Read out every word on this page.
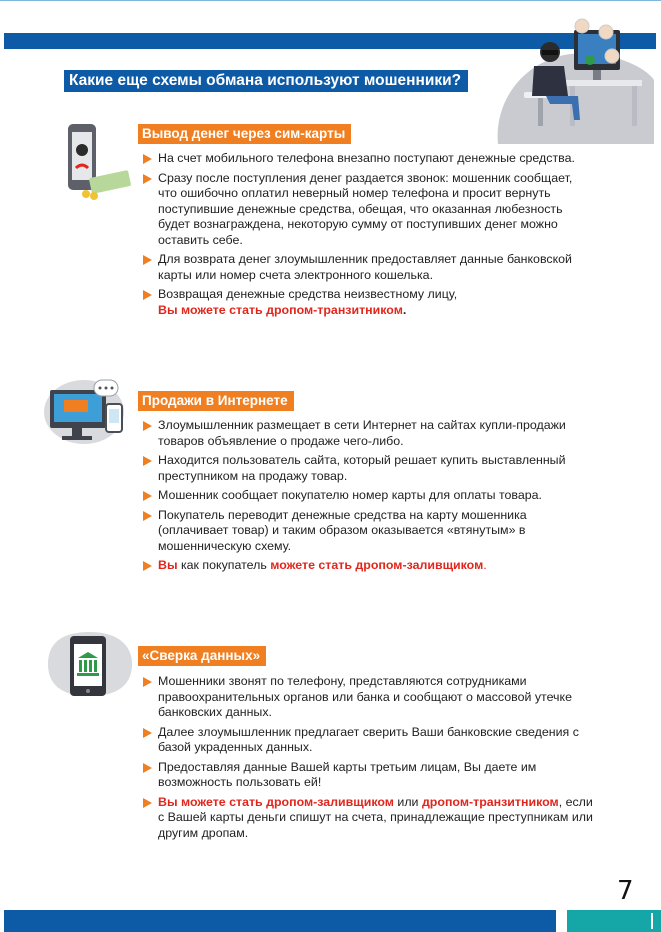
Какие еще схемы обмана используют мошенники?
Вывод денег через сим-карты
На счет мобильного телефона внезапно поступают денежные средства.
Сразу после поступления денег раздается звонок: мошенник сообщает, что ошибочно оплатил неверный номер телефона и просит вернуть поступившие денежные средства, обещая, что оказанная любезность будет вознаграждена, некоторую сумму от поступивших денег можно оставить себе.
Для возврата денег злоумышленник предоставляет данные банковской карты или номер счета электронного кошелька.
Возвращая денежные средства неизвестному лицу,
Вы можете стать дропом-транзитником.
Продажи в Интернете
Злоумышленник размещает в сети Интернет на сайтах купли-продажи товаров объявление о продаже чего-либо.
Находится пользователь сайта, который решает купить выставленный преступником на продажу товар.
Мошенник сообщает покупателю номер карты для оплаты товара.
Покупатель переводит денежные средства на карту мошенника (оплачивает товар) и таким образом оказывается «втянутым» в мошенническую схему.
Вы как покупатель можете стать дропом-заливщиком.
«Сверка данных»
Мошенники звонят по телефону, представляются сотрудниками правоохранительных органов или банка и сообщают о массовой утечке банковских данных.
Далее злоумышленник предлагает сверить Ваши банковские сведения с базой украденных данных.
Предоставляя данные Вашей карты третьим лицам, Вы даете им возможность пользовать ей!
Вы можете стать дропом-заливщиком или дропом-транзитником, если с Вашей карты деньги спишут на счета, принадлежащие преступникам или другим дропам.
7
